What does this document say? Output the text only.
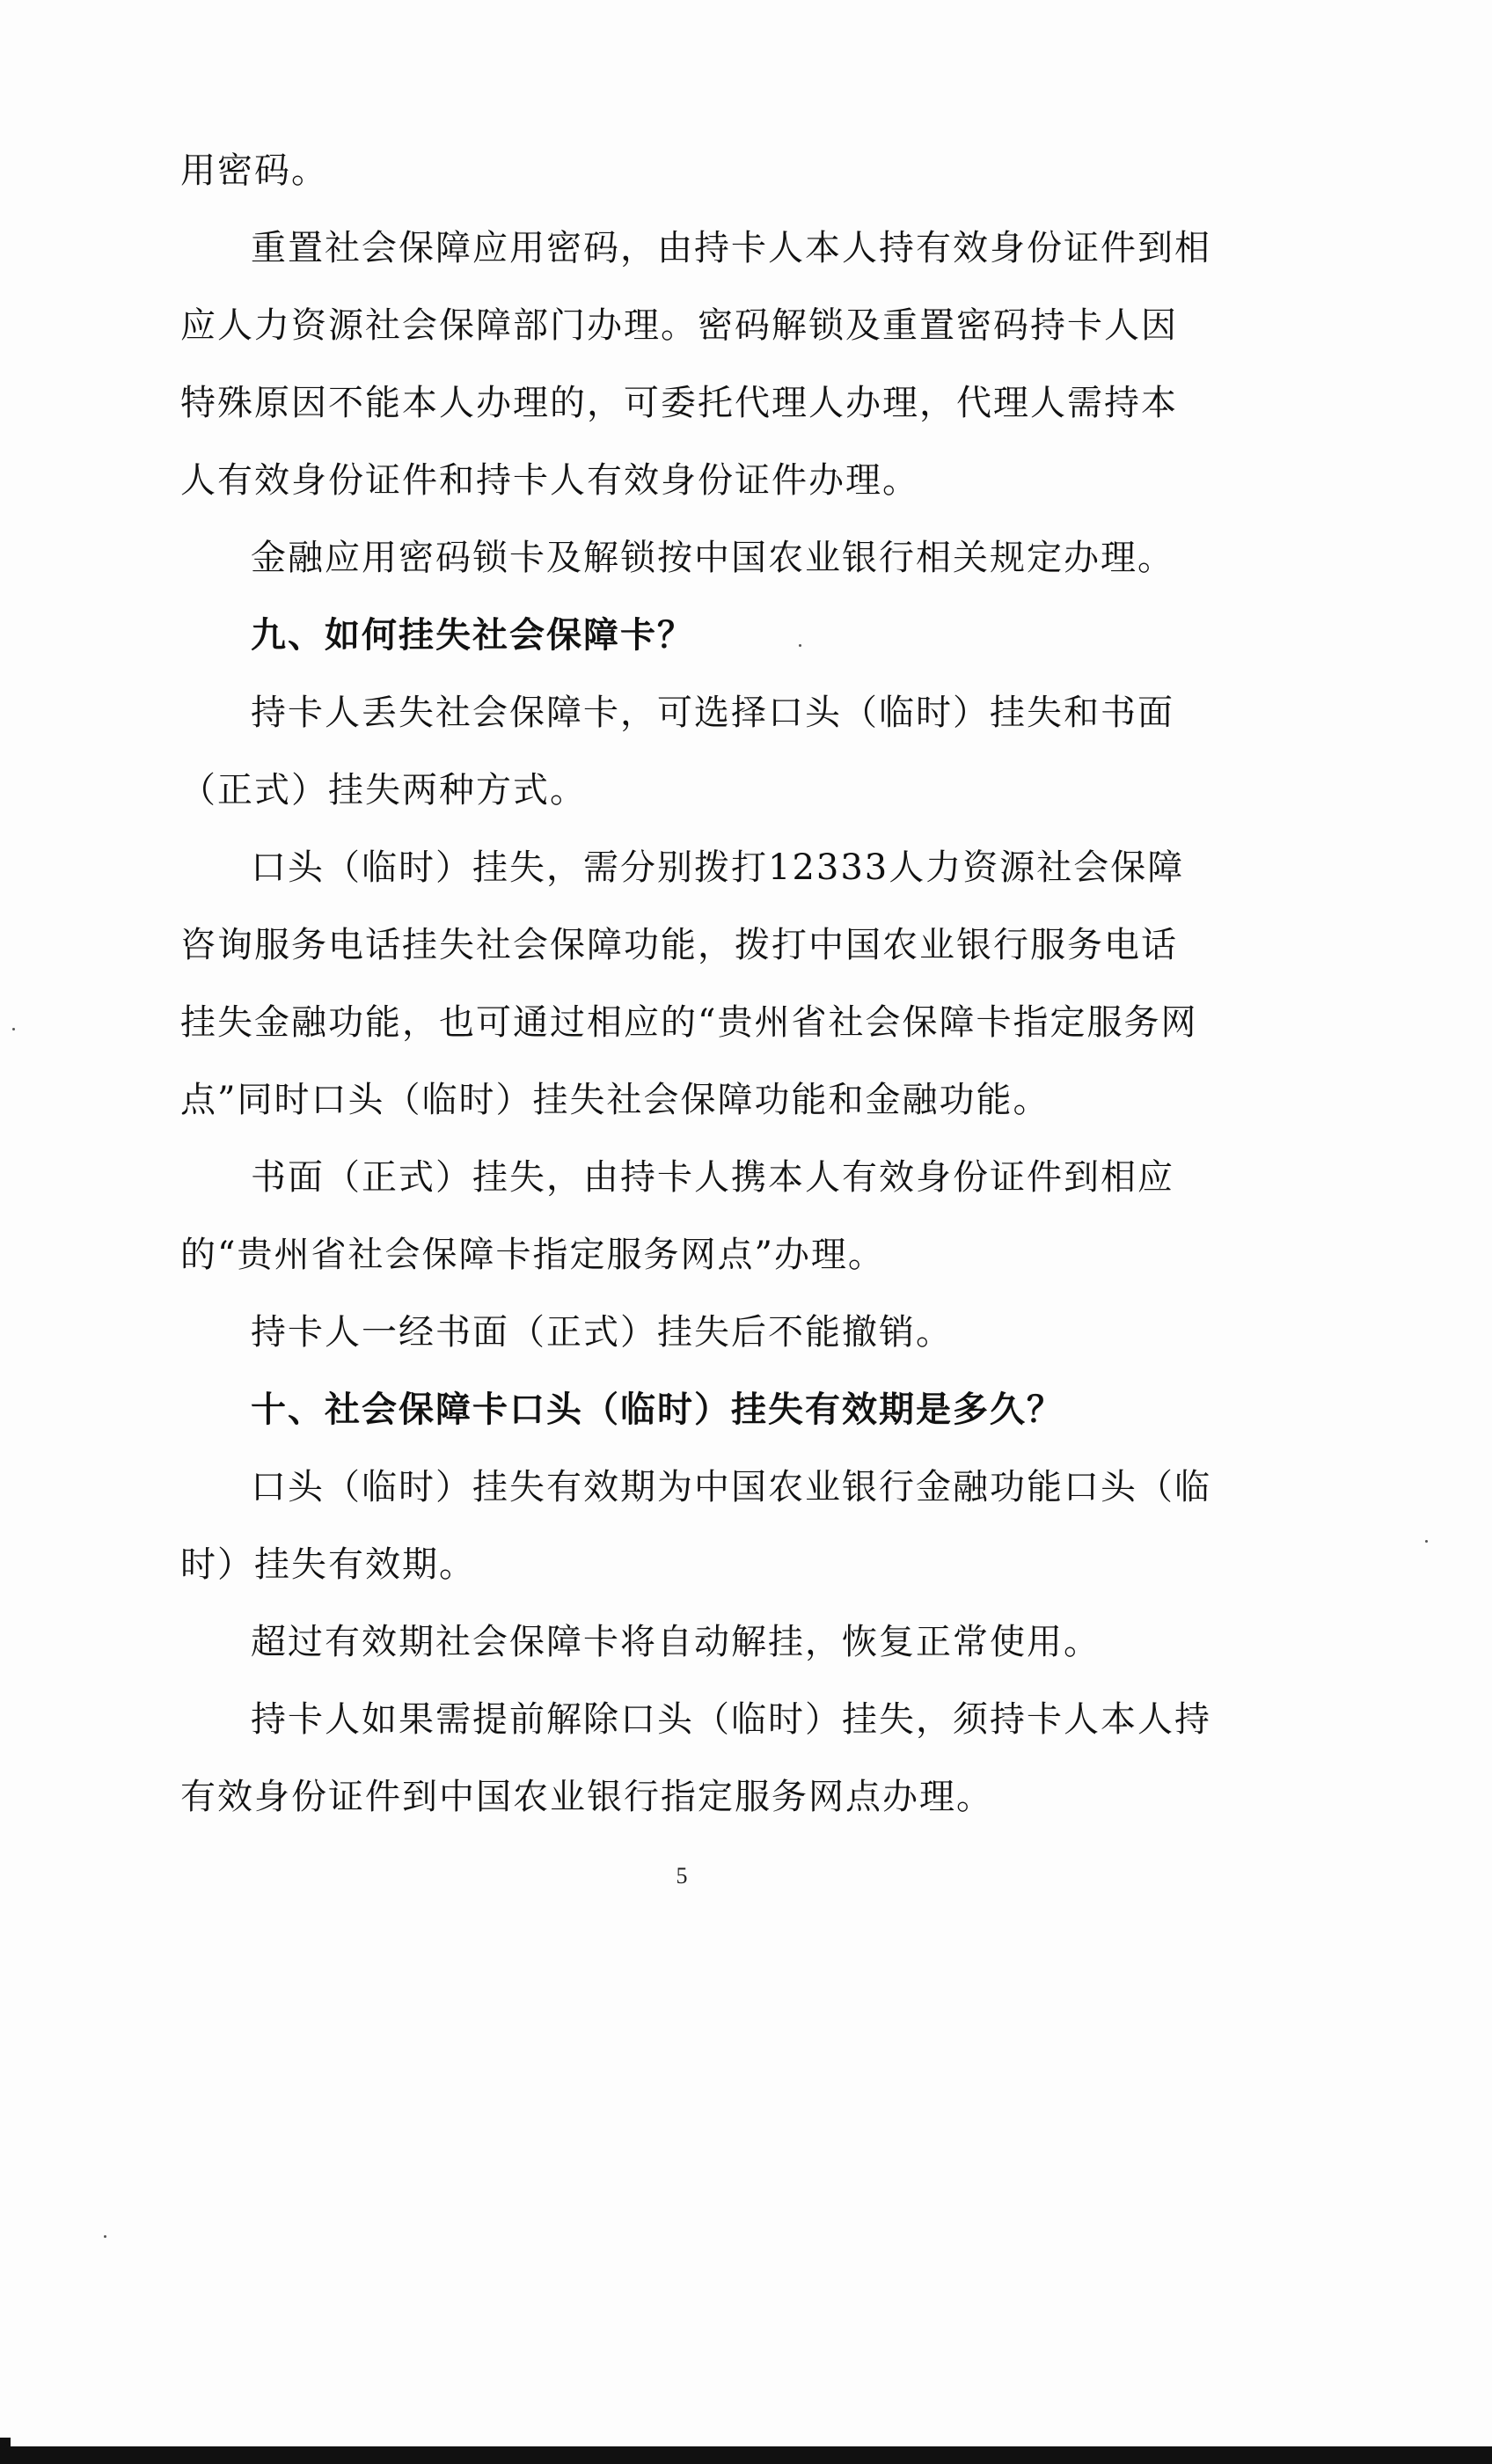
用密码。

重置社会保障应用密码，由持卡人本人持有效身份证件到相应人力资源社会保障部门办理。密码解锁及重置密码持卡人因特殊原因不能本人办理的，可委托代理人办理，代理人需持本人有效身份证件和持卡人有效身份证件办理。

金融应用密码锁卡及解锁按中国农业银行相关规定办理。

九、如何挂失社会保障卡？

持卡人丢失社会保障卡，可选择口头（临时）挂失和书面（正式）挂失两种方式。

口头（临时）挂失，需分别拨打12333人力资源社会保障咨询服务电话挂失社会保障功能，拨打中国农业银行服务电话挂失金融功能，也可通过相应的“贵州省社会保障卡指定服务网点”同时口头（临时）挂失社会保障功能和金融功能。

书面（正式）挂失，由持卡人携本人有效身份证件到相应的“贵州省社会保障卡指定服务网点”办理。

持卡人一经书面（正式）挂失后不能撤销。

十、社会保障卡口头（临时）挂失有效期是多久？

口头（临时）挂失有效期为中国农业银行金融功能口头（临时）挂失有效期。

超过有效期社会保障卡将自动解挂，恢复正常使用。

持卡人如果需提前解除口头（临时）挂失，须持卡人本人持有效身份证件到中国农业银行指定服务网点办理。

5
